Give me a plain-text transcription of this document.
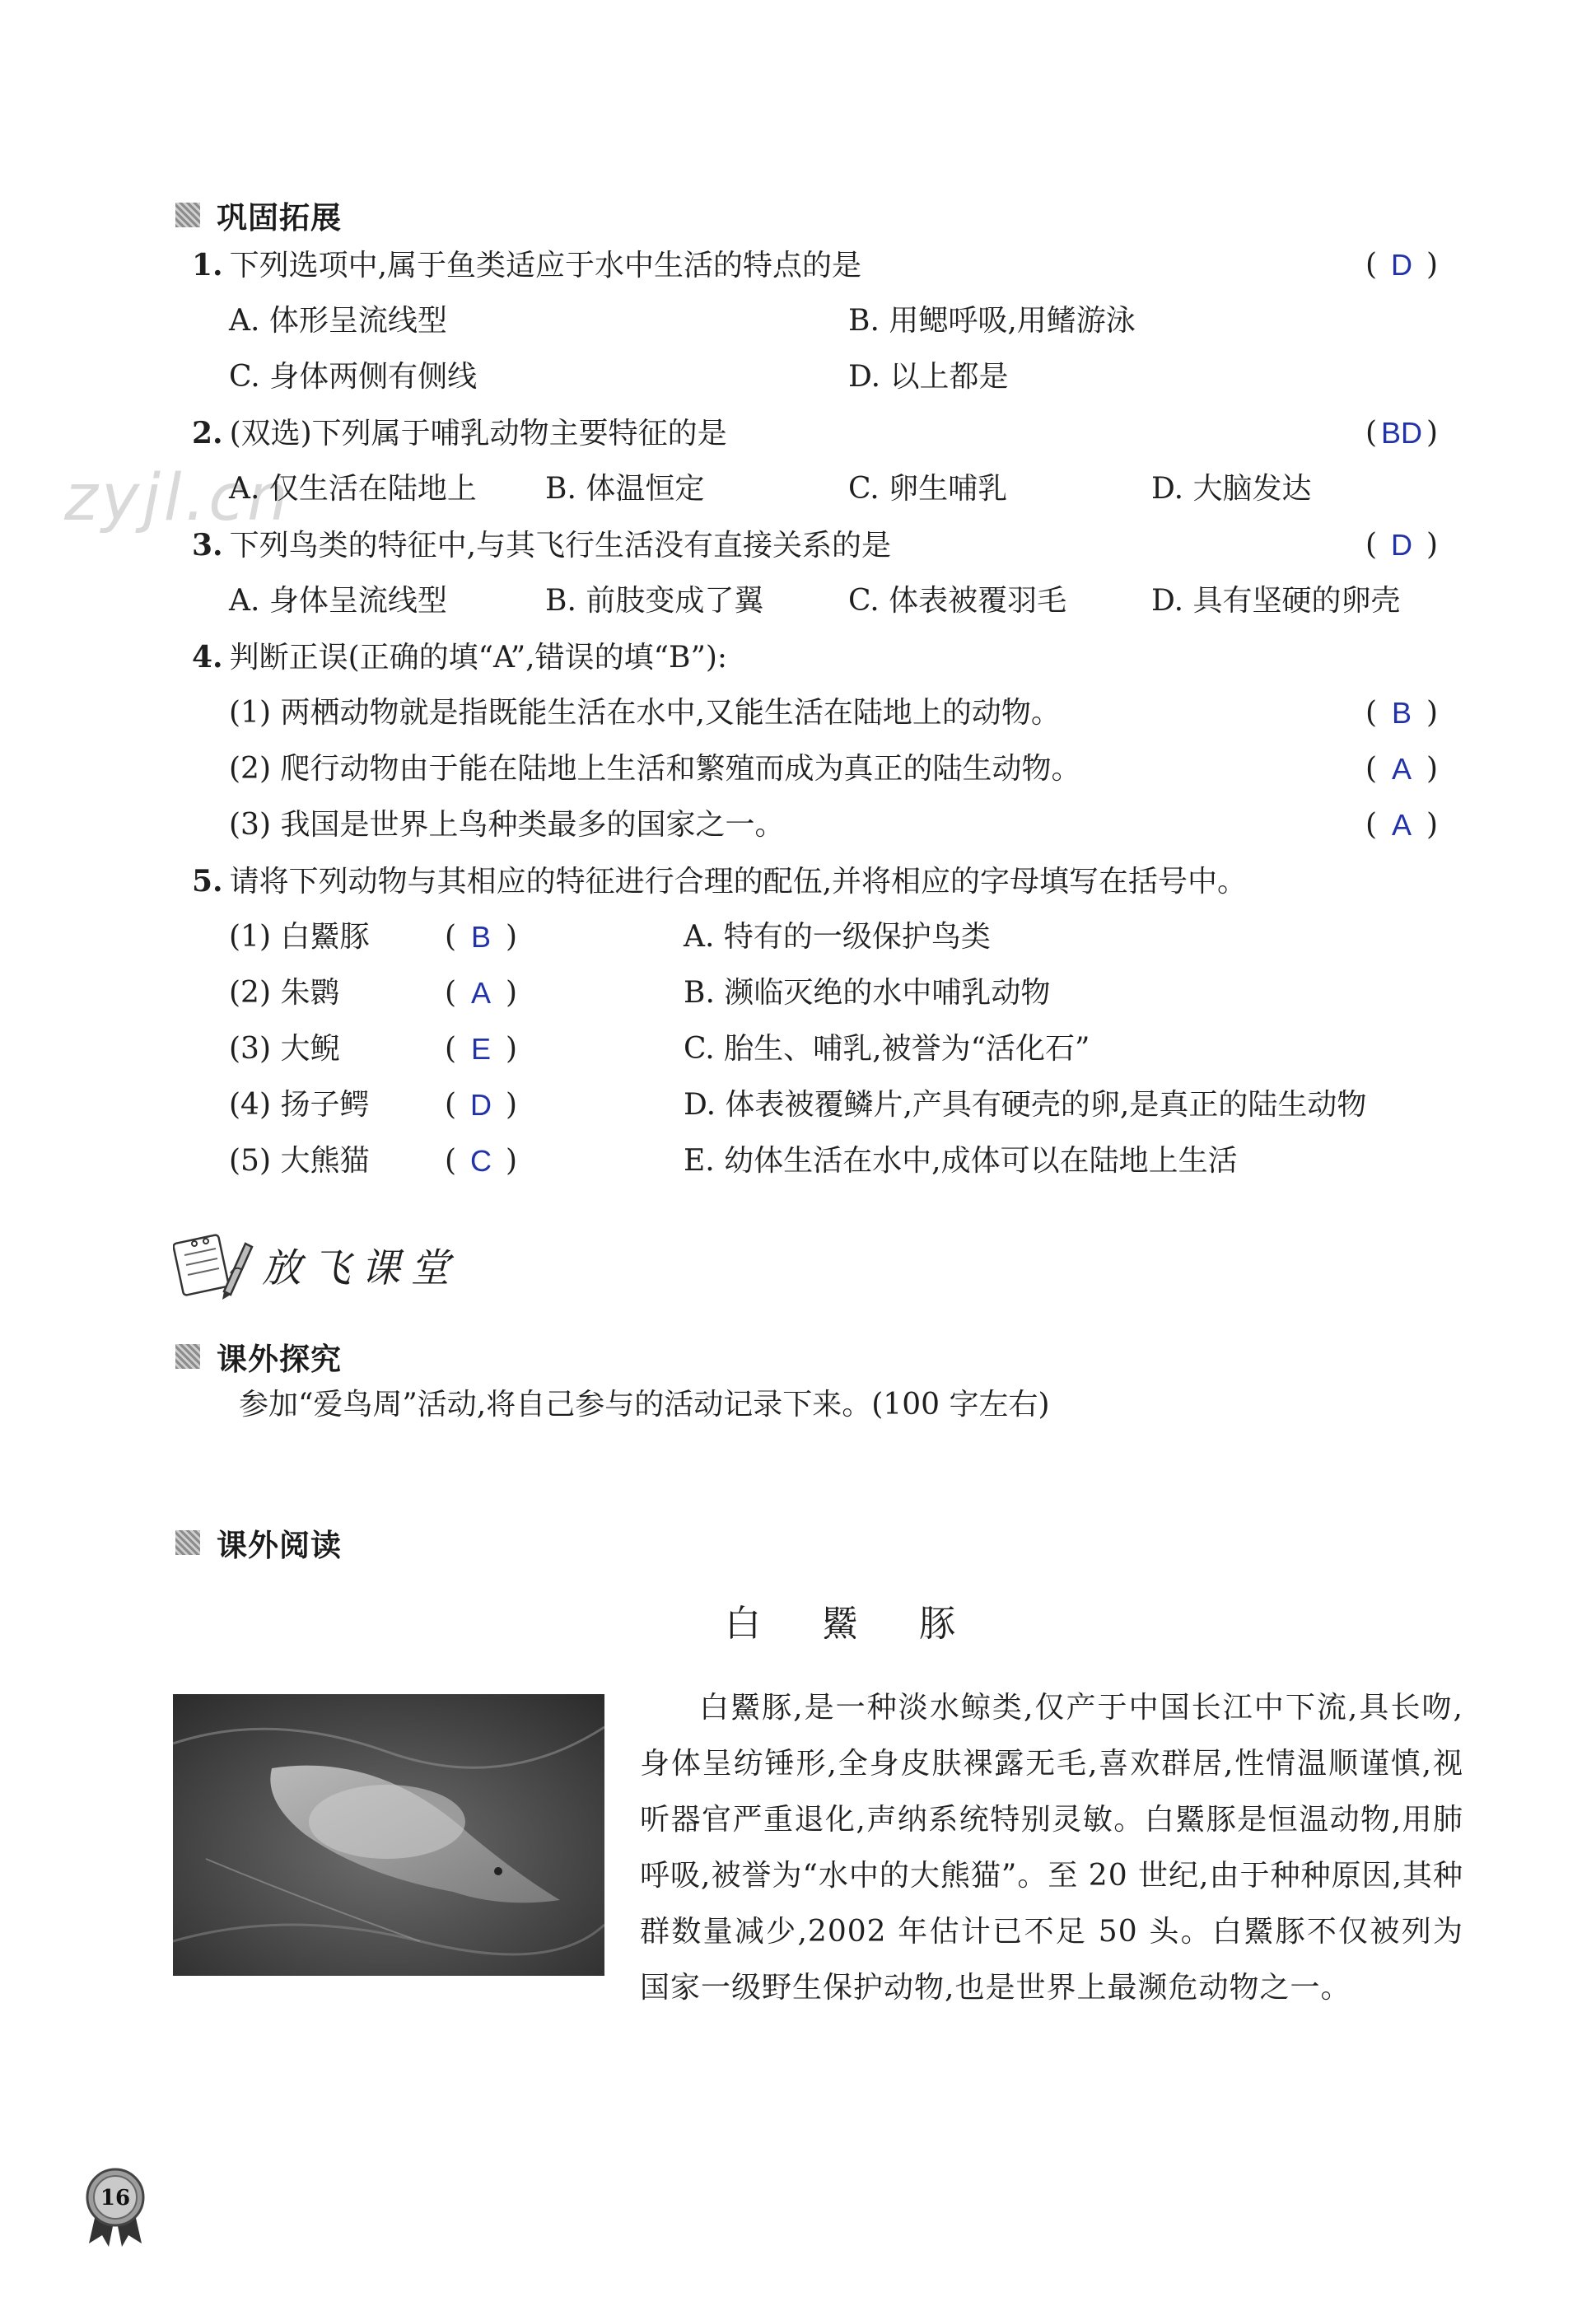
zyjl.cn
巩固拓展
1. 下列选项中,属于鱼类适应于水中生活的特点的是	( D )
A. 体形呈流线型	B. 用鳃呼吸,用鳍游泳
C. 身体两侧有侧线	D. 以上都是
2. (双选)下列属于哺乳动物主要特征的是	( BD )
A. 仅生活在陆地上 B. 体温恒定	C. 卵生哺乳	D. 大脑发达
3. 下列鸟类的特征中,与其飞行生活没有直接关系的是	( D )
A. 身体呈流线型	B. 前肢变成了翼	C. 体表被覆羽毛	D. 具有坚硬的卵壳
4. 判断正误(正确的填“A”,错误的填“B”):
(1) 两栖动物就是指既能生活在水中,又能生活在陆地上的动物。	( B )
(2) 爬行动物由于能在陆地上生活和繁殖而成为真正的陆生动物。	( A )
(3) 我国是世界上鸟种类最多的国家之一。	( A )
5. 请将下列动物与其相应的特征进行合理的配伍,并将相应的字母填写在括号中。
(1) 白鱀豚	( B )	A. 特有的一级保护鸟类
(2) 朱鹮	( A )	B. 濒临灭绝的水中哺乳动物
(3) 大鲵	( E )	C. 胎生、哺乳,被誉为“活化石”
(4) 扬子鳄	( D )	D. 体表被覆鳞片,产具有硬壳的卵,是真正的陆生动物
(5) 大熊猫	( C )	E. 幼体生活在水中,成体可以在陆地上生活
放飞课堂
课外探究
参加“爱鸟周”活动,将自己参与的活动记录下来。(100 字左右)
课外阅读
白 鱀 豚

白鱀豚,是一种淡水鲸类,仅产于中国长江中下流,具长吻,身体呈纺锤形,全身皮肤裸露无毛,喜欢群居,性情温顺谨慎,视听器官严重退化,声纳系统特别灵敏。白鱀豚是恒温动物,用肺呼吸,被誉为“水中的大熊猫”。至 20 世纪,由于种种原因,其种群数量减少,2002 年估计已不足 50 头。白鱀豚不仅被列为国家一级野生保护动物,也是世界上最濒危动物之一。

16
